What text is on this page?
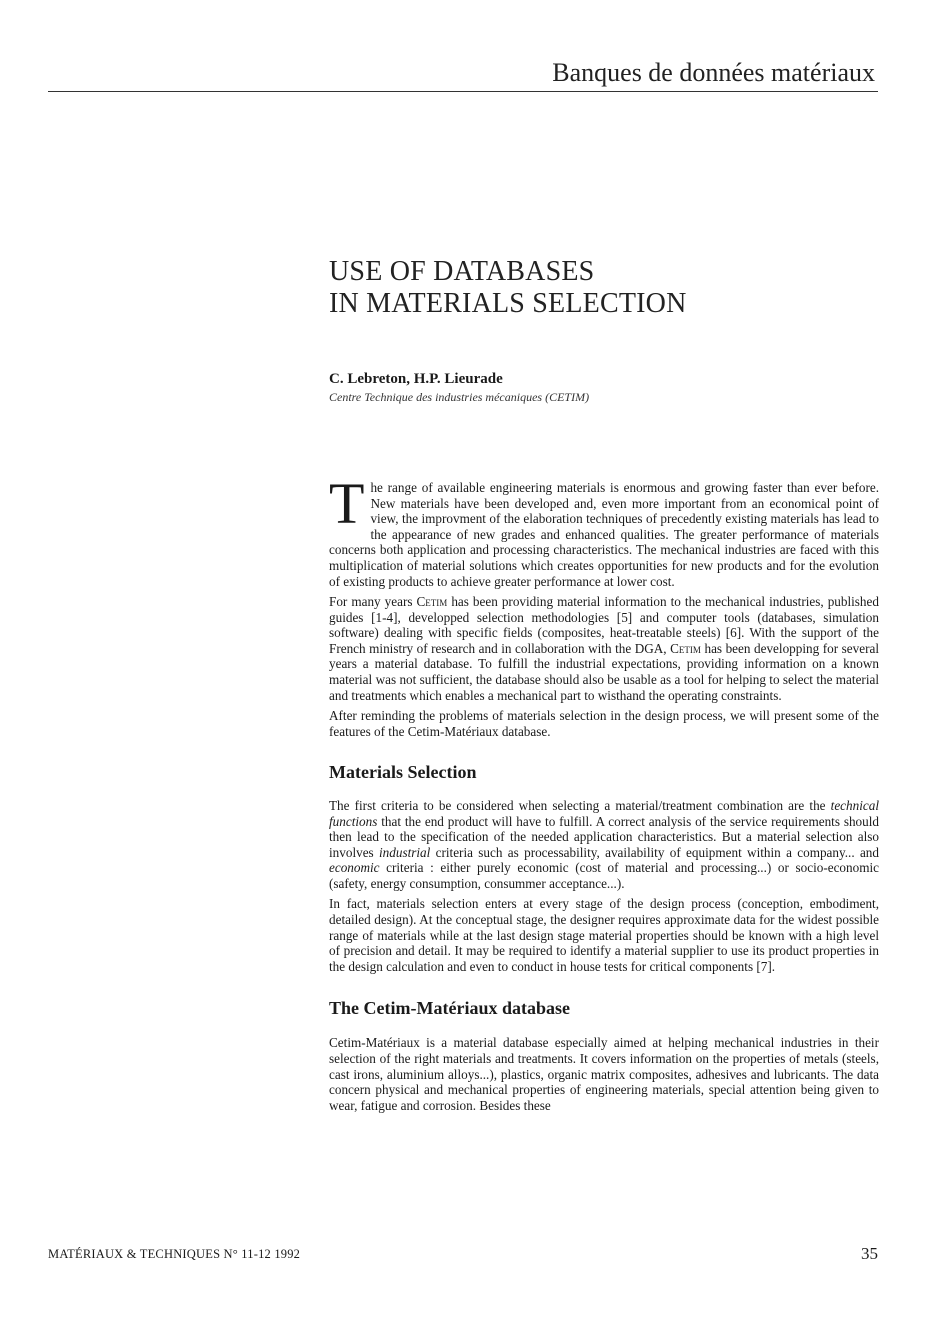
Banques de données matériaux
USE OF DATABASES
IN MATERIALS SELECTION
C. Lebreton, H.P. Lieurade
Centre Technique des industries mécaniques (CETIM)

The range of available engineering materials is enormous and growing faster than ever before. New materials have been developed and, even more important from an economical point of view, the improvment of the elaboration techniques of precedently existing materials has lead to the appearance of new grades and enhanced qualities. The greater performance of materials concerns both application and processing characteristics. The mechanical industries are faced with this multiplication of material solutions which creates opportunities for new products and for the evolution of existing products to achieve greater performance at lower cost.

For many years Cetim has been providing material information to the mechanical industries, published guides [1-4], developped selection methodologies [5] and computer tools (databases, simulation software) dealing with specific fields (composites, heat-treatable steels) [6]. With the support of the French ministry of research and in collaboration with the DGA, Cetim has been developping for several years a material database. To fulfill the industrial expectations, providing information on a known material was not sufficient, the database should also be usable as a tool for helping to select the material and treatments which enables a mechanical part to wisthand the operating constraints.

After reminding the problems of materials selection in the design process, we will present some of the features of the Cetim-Matériaux database.

Materials Selection

The first criteria to be considered when selecting a material/treatment combination are the technical functions that the end product will have to fulfill. A correct analysis of the service requirements should then lead to the specification of the needed application characteristics. But a material selection also involves industrial criteria such as processability, availability of equipment within a company... and economic criteria : either purely economic (cost of material and processing...) or socio-economic (safety, energy consumption, consummer acceptance...).

In fact, materials selection enters at every stage of the design process (conception, embodiment, detailed design). At the conceptual stage, the designer requires approximate data for the widest possible range of materials while at the last design stage material properties should be known with a high level of precision and detail. It may be required to identify a material supplier to use its product properties in the design calculation and even to conduct in house tests for critical components [7].

The Cetim-Matériaux database

Cetim-Matériaux is a material database especially aimed at helping mechanical industries in their selection of the right materials and treatments. It covers information on the properties of metals (steels, cast irons, aluminium alloys...), plastics, organic matrix composites, adhesives and lubricants. The data concern physical and mechanical properties of engineering materials, special attention being given to wear, fatigue and corrosion. Besides these

MATÉRIAUX & TECHNIQUES N° 11-12 1992	35
